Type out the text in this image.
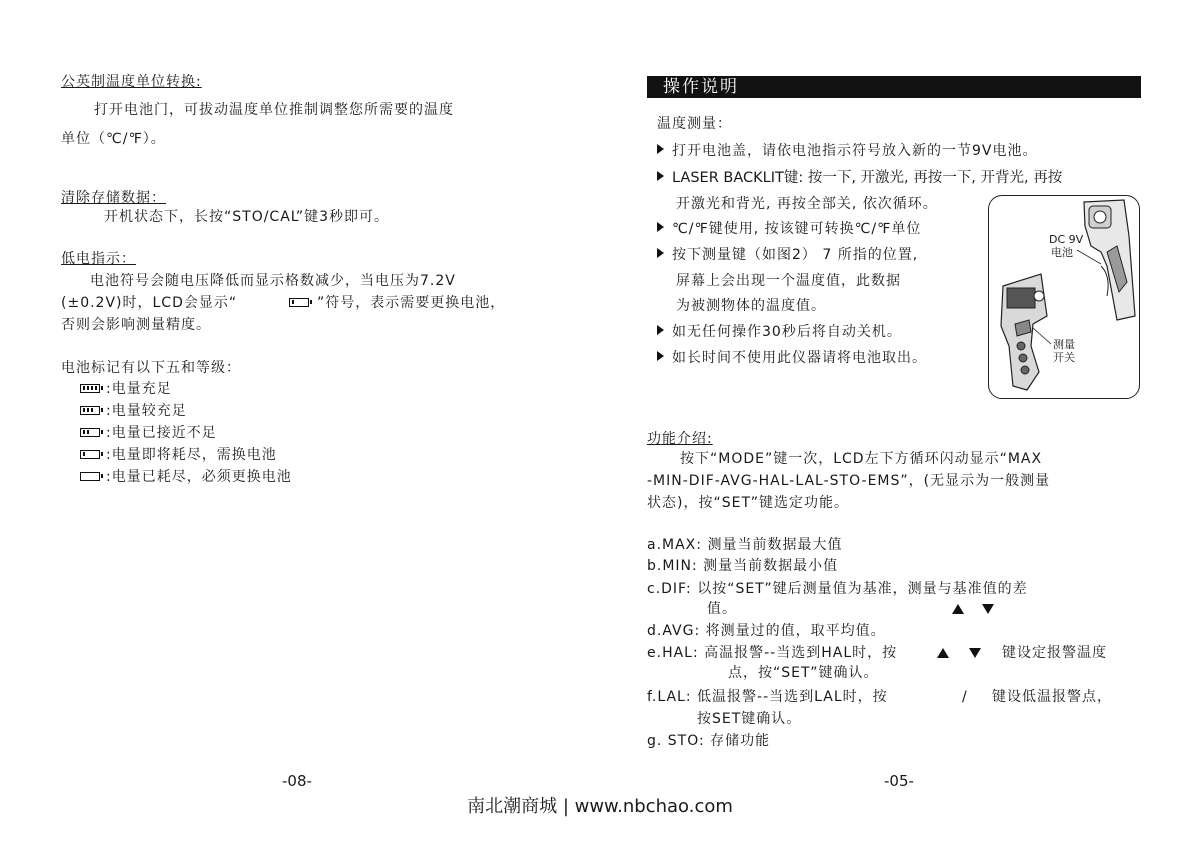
公英制温度单位转换:
打开电池门，可拔动温度单位推制调整您所需要的温度
单位（℃/℉）。
清除存储数据：
开机状态下，长按“STO/CAL”键3秒即可。
低电指示：
电池符号会随电压降低而显示格数减少，当电压为7.2V
(±0.2V)时，LCD会显示“	”符号，表示需要更换电池，
否则会影响测量精度。
电池标记有以下五和等级：
:电量充足
:电量较充足
:电量已接近不足
:电量即将耗尽，需换电池
:电量已耗尽，必须更换电池
-08-
操作说明
温度测量：
打开电池盖，请依电池指示符号放入新的一节9V电池。
LASER BACKLIT键: 按一下, 开激光, 再按一下, 开背光, 再按
开激光和背光, 再按全部关, 依次循环。
℃/℉键使用, 按该键可转换℃/℉单位
按下测量键（如图2） 7 所指的位置,
屏幕上会出现一个温度值，此数据
为被测物体的温度值。
如无任何操作30秒后将自动关机。
如长时间不使用此仪器请将电池取出。
DC 9V
电池
测量
开关
功能介绍:
按下“MODE”键一次，LCD左下方循环闪动显示“MAX
-MIN-DIF-AVG-HAL-LAL-STO-EMS”，(无显示为一般测量
状态)，按“SET”键选定功能。
a.MAX: 测量当前数据最大值
b.MIN: 测量当前数据最小值
c.DIF: 以按“SET”键后测量值为基准，测量与基准值的差
值。
d.AVG: 将测量过的值，取平均值。
e.HAL: 高温报警--当选到HAL时，按	键设定报警温度
点，按“SET”键确认。
f.LAL: 低温报警--当选到LAL时，按	/ 键设低温报警点，
按SET键确认。
g. STO: 存储功能
-05-
南北潮商城 | www.nbchao.com
